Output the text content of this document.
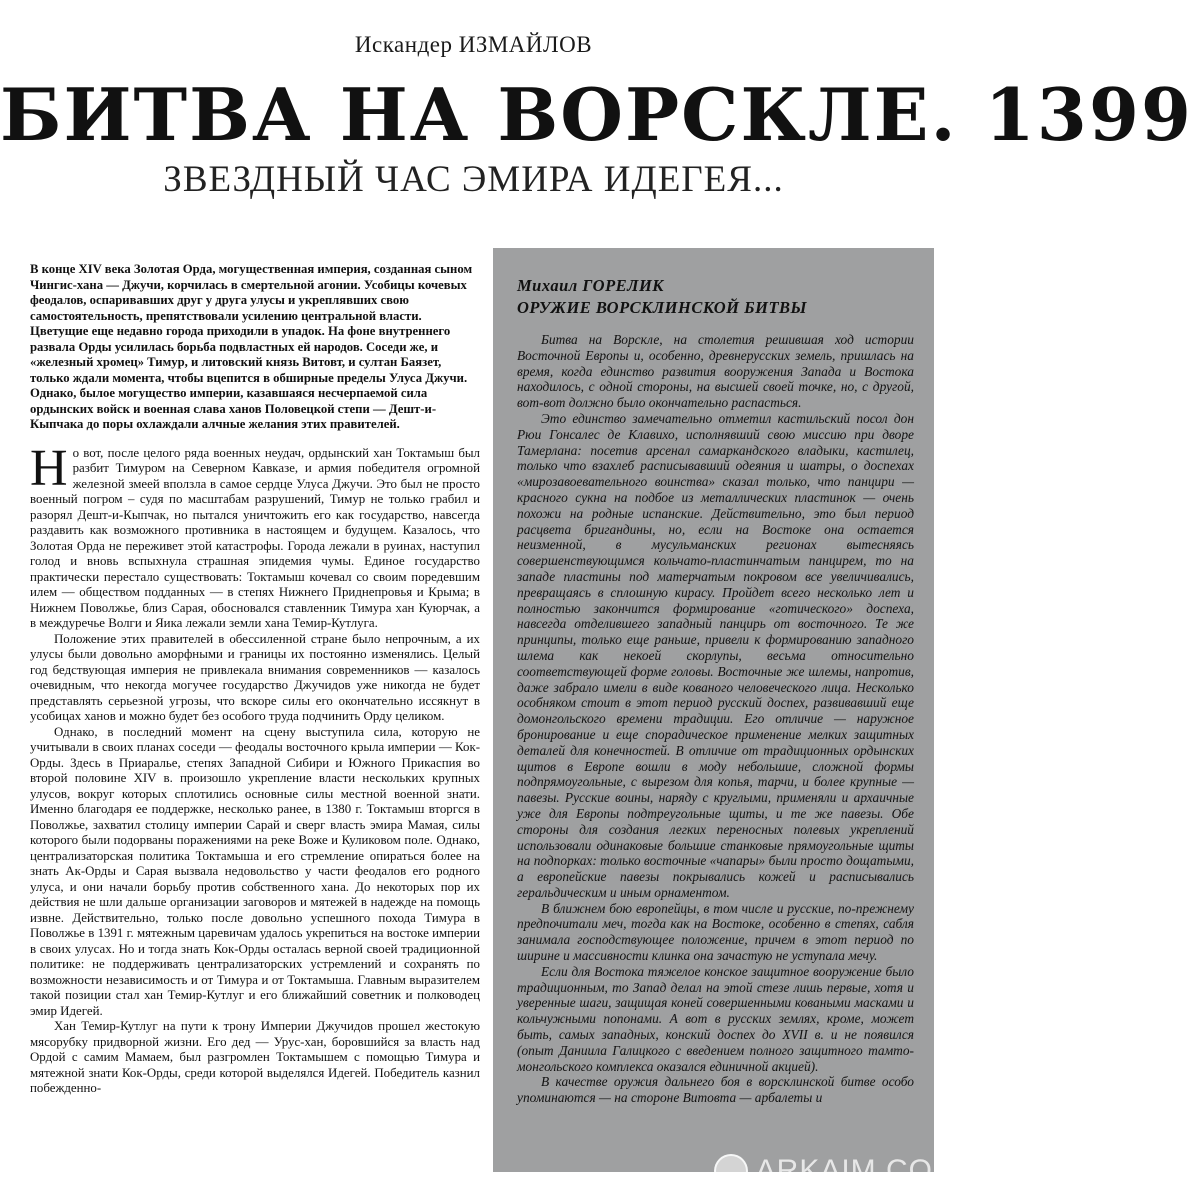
Искандер ИЗМАЙЛОВ
БИТВА НА ВОРСКЛЕ. 1399
ЗВЕЗДНЫЙ ЧАС ЭМИРА ИДЕГЕЯ...

В конце XIV века Золотая Орда, могущественная империя, созданная сыном Чингис-хана — Джучи, корчилась в смертельной агонии. Усобицы кочевых феодалов, оспаривавших друг у друга улусы и укреплявших свою самостоятельность, препятствовали усилению центральной власти. Цветущие еще недавно города приходили в упадок. На фоне внутреннего развала Орды усилилась борьба подвластных ей народов. Соседи же, и «железный хромец» Тимур, и литовский князь Витовт, и султан Баязет, только ждали момента, чтобы вцепится в обширные пределы Улуса Джучи. Однако, былое могущество империи, казавшаяся несчерпаемой сила ордынских войск и военная слава ханов Половецкой степи — Дешт-и-Кыпчака до поры охлаждали алчные желания этих правителей.

Но вот, после целого ряда военных неудач, ордынский хан Токтамыш был разбит Тимуром на Северном Кавказе, и армия победителя огромной железной змеей вползла в самое сердце Улуса Джучи. Это был не просто военный погром – судя по масштабам разрушений, Тимур не только грабил и разорял Дешт-и-Кыпчак, но пытался уничтожить его как государство, навсегда раздавить как возможного противника в настоящем и будущем. Казалось, что Золотая Орда не переживет этой катастрофы. Города лежали в руинах, наступил голод и вновь вспыхнула страшная эпидемия чумы. Единое государство практически перестало существовать: Токтамыш кочевал со своим поредевшим илем — обществом подданных — в степях Нижнего Приднепровья и Крыма; в Нижнем Поволжье, близ Сарая, обосновался ставленник Тимура хан Куюрчак, а в междуречье Волги и Яика лежали земли хана Темир-Кутлуга.

Положение этих правителей в обессиленной стране было непрочным, а их улусы были довольно аморфными и границы их постоянно изменялись. Целый год бедствующая империя не привлекала внимания современников — казалось очевидным, что некогда могучее государство Джучидов уже никогда не будет представлять серьезной угрозы, что вскоре силы его окончательно иссякнут в усобицах ханов и можно будет без особого труда подчинить Орду целиком.

Однако, в последний момент на сцену выступила сила, которую не учитывали в своих планах соседи — феодалы восточного крыла империи — Кок-Орды. Здесь в Приаралье, степях Западной Сибири и Южного Прикаспия во второй половине XIV в. произошло укрепление власти нескольких крупных улусов, вокруг которых сплотились основные силы местной военной знати. Именно благодаря ее поддержке, несколько ранее, в 1380 г. Токтамыш вторгся в Поволжье, захватил столицу империи Сарай и сверг власть эмира Мамая, силы которого были подорваны поражениями на реке Воже и Куликовом поле. Однако, централизаторская политика Токтамыша и его стремление опираться более на знать Ак-Орды и Сарая вызвала недовольство у части феодалов его родного улуса, и они начали борьбу против собственного хана. До некоторых пор их действия не шли дальше организации заговоров и мятежей в надежде на помощь извне. Действительно, только после довольно успешного похода Тимура в Поволжье в 1391 г. мятежным царевичам удалось укрепиться на востоке империи в своих улусах. Но и тогда знать Кок-Орды осталась верной своей традиционной политике: не поддерживать централизаторских устремлений и сохранять по возможности независимость и от Тимура и от Токтамыша. Главным выразителем такой позиции стал хан Темир-Кутлуг и его ближайший советник и полководец эмир Идегей.

Хан Темир-Кутлуг на пути к трону Империи Джучидов прошел жестокую мясорубку придворной жизни. Его дед — Урус-хан, боровшийся за власть над Ордой с самим Мамаем, был разгромлен Токтамышем с помощью Тимура и мятежной знати Кок-Орды, среди которой выделялся Идегей. Победитель казнил побежденно-

Михаил ГОРЕЛИК
ОРУЖИЕ ВОРСКЛИНСКОЙ БИТВЫ

Битва на Ворскле, на столетия решившая ход истории Восточной Европы и, особенно, древнерусских земель, пришлась на время, когда единство развития вооружения Запада и Востока находилось, с одной стороны, на высшей своей точке, но, с другой, вот-вот должно было окончательно распасться.

Это единство замечательно отметил кастильский посол дон Рюи Гонсалес де Клавихо, исполнявший свою миссию при дворе Тамерлана: посетив арсенал самаркандского владыки, кастилец, только что взахлеб расписывавший одеяния и шатры, о доспехах «мирозавоевательного воинства» сказал только, что панцири — красного сукна на подбое из металлических пластинок — очень похожи на родные испанские. Действительно, это был период расцвета бригандины, но, если на Востоке она остается неизменной, в мусульманских регионах вытесняясь совершенствующимся кольчато-пластинчатым панцирем, то на западе пластины под матерчатым покровом все увеличивались, превращаясь в сплошную кирасу. Пройдет всего несколько лет и полностью закончится формирование «готического» доспеха, навсегда отделившего западный панцирь от восточного. Те же принципы, только еще раньше, привели к формированию западного шлема как некоей скорлупы, весьма относительно соответствующей форме головы. Восточные же шлемы, напротив, даже забрало имели в виде кованого человеческого лица. Несколько особняком стоит в этот период русский доспех, развивавший еще домонгольского времени традиции. Его отличие — наружное бронирование и еще спорадическое применение мелких защитных деталей для конечностей. В отличие от традиционных ордынских щитов в Европе вошли в моду небольшие, сложной формы подпрямоугольные, с вырезом для копья, тарчи, и более крупные — павезы. Русские воины, наряду с круглыми, применяли и архаичные уже для Европы подтреугольные щиты, и те же павезы. Обе стороны для создания легких переносных полевых укреплений использовали одинаковые большие станковые прямоугольные щиты на подпорках: только восточные «чапары» были просто дощатыми, а европейские павезы покрывались кожей и расписывались геральдическим и иным орнаментом.

В ближнем бою европейцы, в том числе и русские, по-прежнему предпочитали меч, тогда как на Востоке, особенно в степях, сабля занимала господствующее положение, причем в этот период по ширине и массивности клинка она зачастую не уступала мечу.

Если для Востока тяжелое конское защитное вооружение было традиционным, то Запад делал на этой стезе лишь первые, хотя и уверенные шаги, защищая коней совершенными коваными масками и кольчужными попонами. А вот в русских землях, кроме, может быть, самых западных, конский доспех до XVII в. и не появился (опыт Даниила Галицкого с введением полного защитного тамто-монгольского комплекса оказался единичной акцией).

В качестве оружия дальнего боя в ворсклинской битве особо упоминаются — на стороне Витовта — арбалеты и

ARKAIM.CO
